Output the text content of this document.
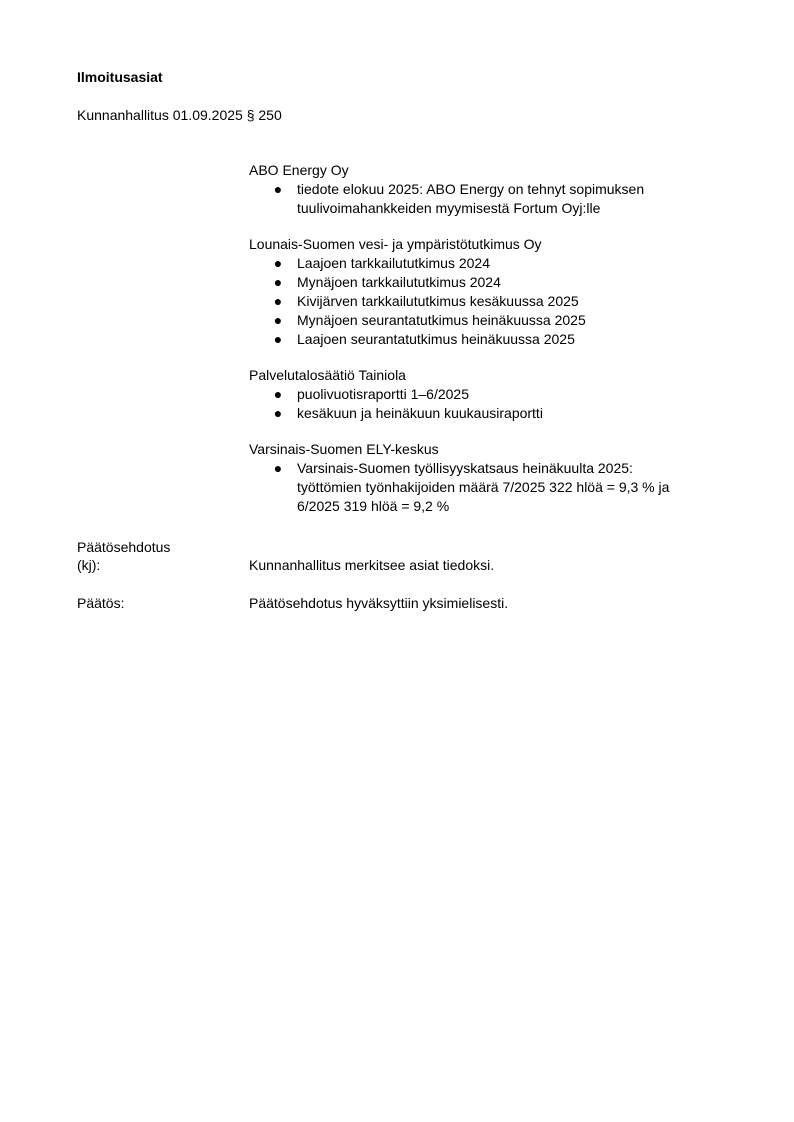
Ilmoitusasiat
Kunnanhallitus 01.09.2025 § 250
ABO Energy Oy
● tiedote elokuu 2025: ABO Energy on tehnyt sopimuksen
tuulivoimahankkeiden myymisestä Fortum Oyj:lle
Lounais-Suomen vesi- ja ympäristötutkimus Oy
● Laajoen tarkkailututkimus 2024
● Mynäjoen tarkkailututkimus 2024
● Kivijärven tarkkailututkimus kesäkuussa 2025
● Mynäjoen seurantatutkimus heinäkuussa 2025
● Laajoen seurantatutkimus heinäkuussa 2025
Palvelutalosäätiö Tainiola
● puolivuotisraportti 1–6/2025
● kesäkuun ja heinäkuun kuukausiraportti
Varsinais-Suomen ELY-keskus
● Varsinais-Suomen työllisyyskatsaus heinäkuulta 2025:
työttömien työnhakijoiden määrä 7/2025 322 hlöä = 9,3 % ja
6/2025 319 hlöä = 9,2 %
Päätösehdotus
(kj):	Kunnanhallitus merkitsee asiat tiedoksi.
Päätös:	Päätösehdotus hyväksyttiin yksimielisesti.
